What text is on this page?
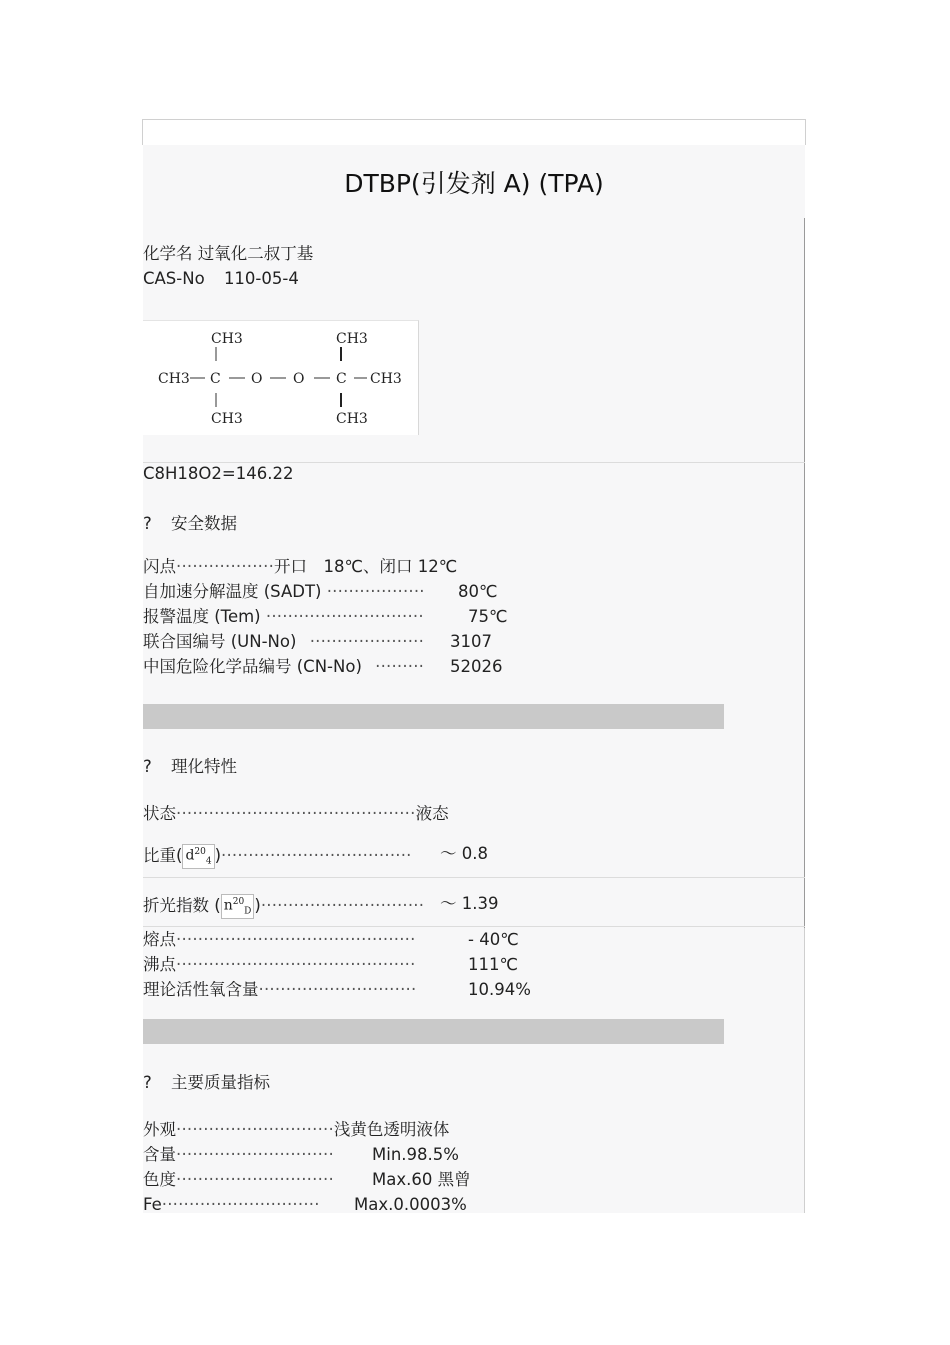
DTBP(引发剂 A) (TPA)
化学名 过氧化二叔丁基
CAS-No 110-05-4
CH3	CH3
CH3 C O O C CH3
CH3	CH3
C8H18O2=146.22
? 安全数据
闪点··················开口　18℃、闭口 12℃
自加速分解温度 (SADT) ·················· 80℃
报警温度 (Tem) ·····························	75℃
联合国编号 (UN-No) ····················· 3107
中国危险化学品编号 (CN-No) ········· 52026
? 理化特性
状态············································液态
比重( $d^{20}_4$ )··································· ～ 0.8
折光指数 ( $n^{20}_D$ )······························ ～ 1.39
熔点············································	- 40℃
沸点············································	111℃
理论活性氧含量·····························	10.94%
? 主要质量指标
外观·····························浅黄色透明液体
含量····························· Min.98.5%
色度····························· Max.60 黑曾
Fe····························· Max.0.0003%
